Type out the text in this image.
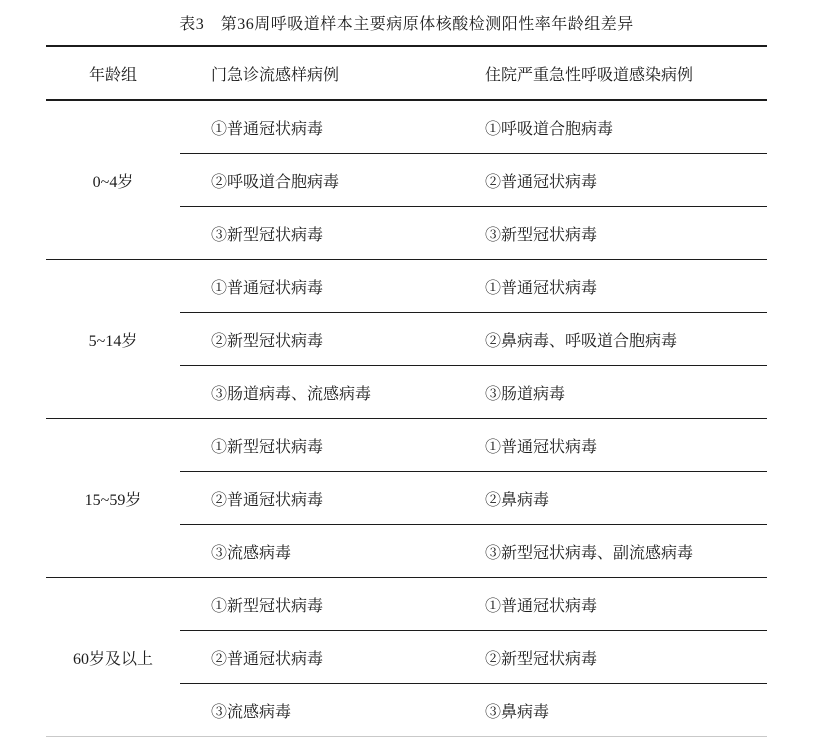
表3　第36周呼吸道样本主要病原体核酸检测阳性率年龄组差异
年龄组	门急诊流感样病例	住院严重急性呼吸道感染病例
0~4岁
①普通冠状病毒	①呼吸道合胞病毒
②呼吸道合胞病毒	②普通冠状病毒
③新型冠状病毒	③新型冠状病毒
5~14岁
①普通冠状病毒	①普通冠状病毒
②新型冠状病毒	②鼻病毒、呼吸道合胞病毒
③肠道病毒、流感病毒	③肠道病毒
15~59岁
①新型冠状病毒	①普通冠状病毒
②普通冠状病毒	②鼻病毒
③流感病毒	③新型冠状病毒、副流感病毒
60岁及以上
①新型冠状病毒	①普通冠状病毒
②普通冠状病毒	②新型冠状病毒
③流感病毒	③鼻病毒
